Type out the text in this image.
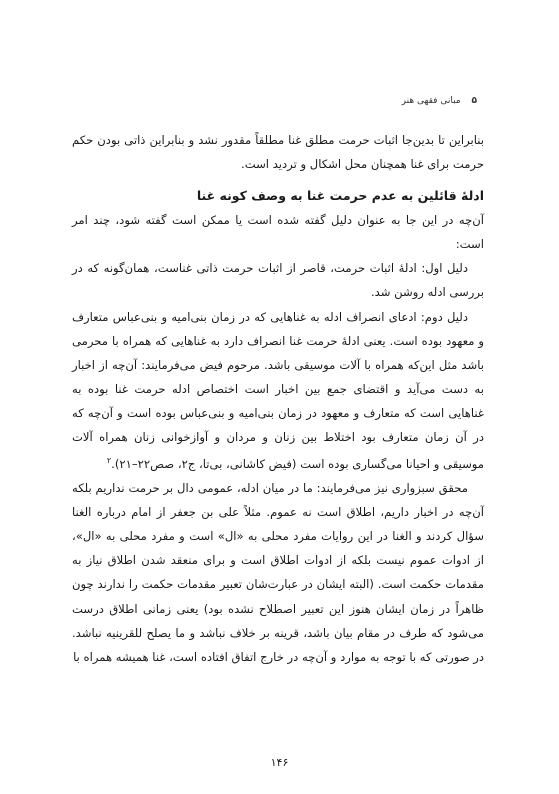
۵ مبانی فقهی هنر

بنابراین تا بدین‌جا اثبات حرمت مطلق غنا مطلقاً مقدور نشد و بنابراین ذاتی بودن حکم حرمت برای غنا همچنان محل اشکال و تردید است.

ادلهٔ قائلین به عدم حرمت غنا به وصف کونه غنا

آن‌چه در این جا به عنوان دلیل گفته شده است یا ممکن است گفته شود، چند امر است:

دلیل اول: ادلهٔ اثبات حرمت، قاصر از اثبات حرمت ذاتی غناست، همان‌گونه که در بررسی ادله روشن شد.

دلیل دوم: ادعای انصراف ادله به غناهایی که در زمان بنی‌امیه و بنی‌عباس متعارف و معهود بوده است. یعنی ادلهٔ حرمت غنا انصراف دارد به غناهایی که همراه با محرمی باشد مثل این‌که همراه با آلات موسیقی باشد. مرحوم فیض می‌فرمایند: آن‌چه از اخبار به دست می‌آید و اقتضای جمع بین اخبار است اختصاص ادله حرمت غنا بوده به غناهایی است که متعارف و معهود در زمان بنی‌امیه و بنی‌عباس بوده است و آن‌چه که در آن زمان متعارف بود اختلاط بین زنان و مردان و آوازخوانی زنان همراه آلات موسیقی و احیانا می‌گساری بوده است (فیض کاشانی، بی‌تا، ج۲، صص۲۲–۲۱).$^۲$

محقق سبزواری نیز می‌فرمایند: ما در میان ادله، عمومی دال بر حرمت نداریم بلکه آن‌چه در اخبار داریم، اطلاق است نه عموم. مثلاً علی بن جعفر از امام درباره الغنا سؤال کردند و الغنا در این روایات مفرد محلی به «ال» است و مفرد محلی به «ال»، از ادوات عموم نیست بلکه از ادوات اطلاق است و برای منعقد شدن اطلاق نیاز به مقدمات حکمت است. (البته ایشان در عبارت‌شان تعبیر مقدمات حکمت را ندارند چون ظاهراً در زمان ایشان هنوز این تعبیر اصطلاح نشده بود) یعنی زمانی اطلاق درست می‌شود که طرف در مقام بیان باشد، قرینه بر خلاف نباشد و ما یصلح للقرینیه نباشد. در صورتی که با توجه به موارد و آن‌چه در خارج اتفاق افتاده است، غنا همیشه همراه با

۱۴۶
